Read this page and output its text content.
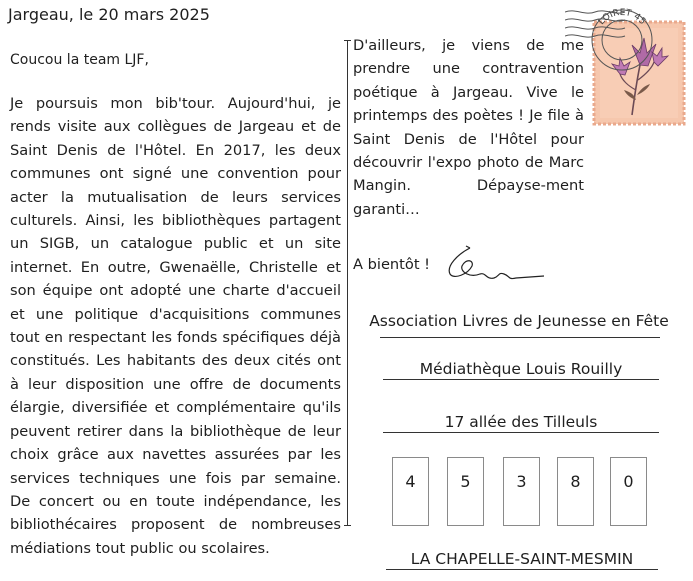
Jargeau, le 20 mars 2025
Coucou la team LJF,
Je poursuis mon bib'tour. Aujourd'hui, je rends visite aux collègues de Jargeau et de Saint Denis de l'Hôtel. En 2017, les deux communes ont signé une convention pour acter la mutualisation de leurs services culturels. Ainsi, les bibliothèques partagent un SIGB, un catalogue public et un site internet. En outre, Gwenaëlle, Christelle et son équipe ont adopté une charte d'accueil et une politique d'acquisitions communes tout en respectant les fonds spécifiques déjà constitués. Les habitants des deux cités ont à leur disposition une offre de documents élargie, diversifiée et complémentaire qu'ils peuvent retirer dans la bibliothèque de leur choix grâce aux navettes assurées par les services techniques une fois par semaine. De concert ou en toute indépendance, les bibliothécaires proposent de nombreuses médiations tout public ou scolaires.
D'ailleurs, je viens de me prendre une contravention poétique à Jargeau. Vive le printemps des poètes ! Je file à Saint Denis de l'Hôtel pour découvrir l'expo photo de Marc Mangin. Dépayse-ment garanti…
A bientôt !
Association Livres de Jeunesse en Fête
Médiathèque Louis Rouilly
17 allée des Tilleuls
4	5	3	8	0
LA CHAPELLE-SAINT-MESMIN
LOIRET 45
